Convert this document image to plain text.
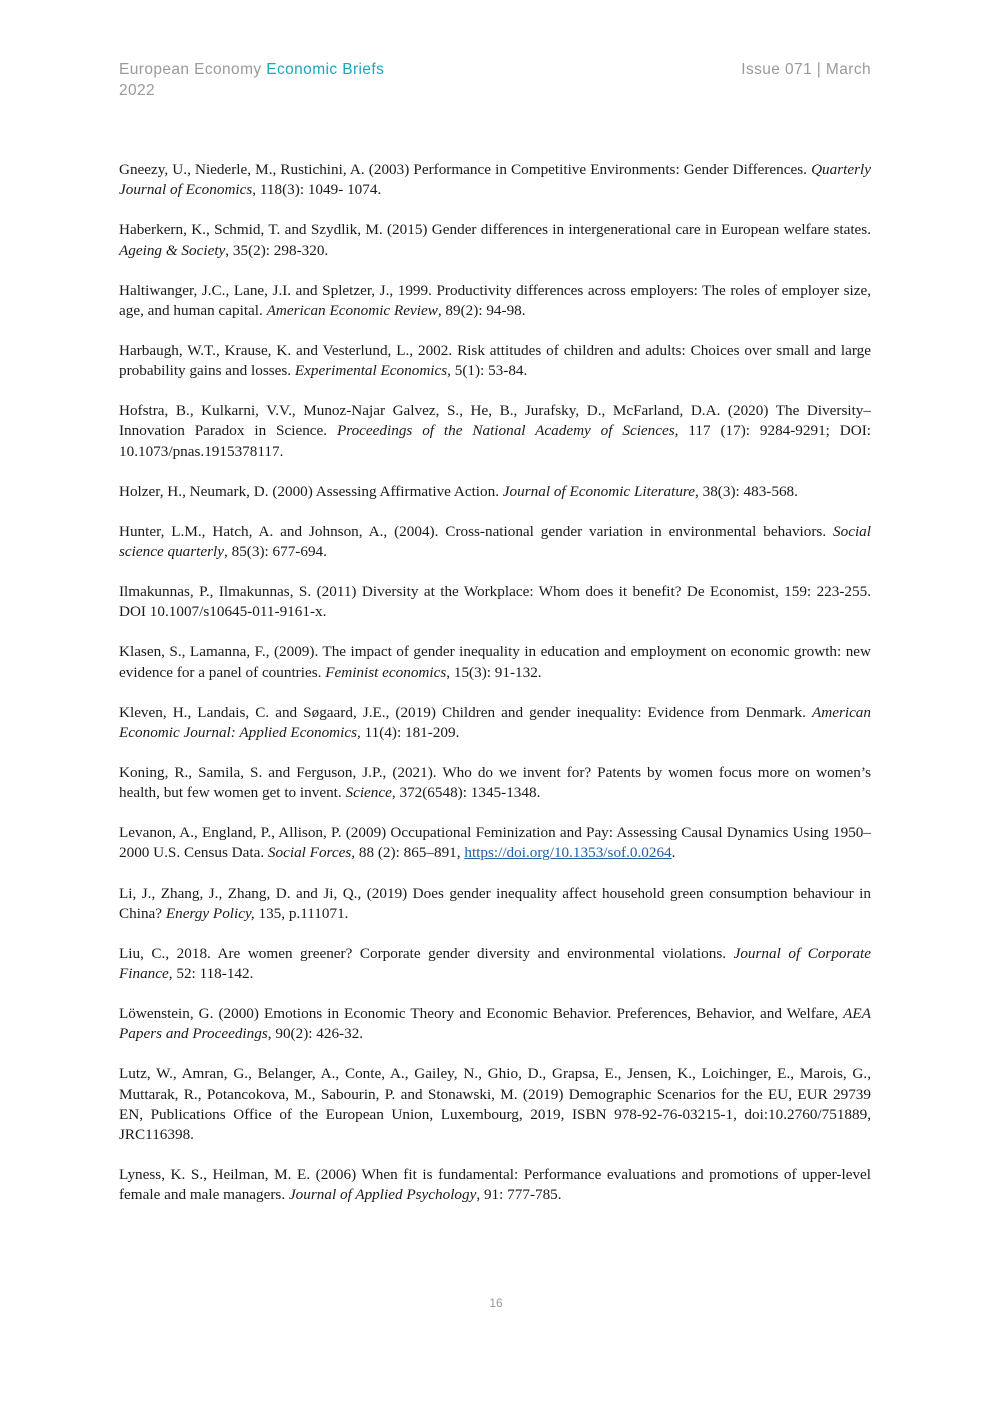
European Economy Economic Briefs	Issue 071 | March
2022

Gneezy, U., Niederle, M., Rustichini, A. (2003) Performance in Competitive Environments: Gender Differences. Quarterly Journal of Economics, 118(3): 1049- 1074.

Haberkern, K., Schmid, T. and Szydlik, M. (2015) Gender differences in intergenerational care in European welfare states. Ageing & Society, 35(2): 298-320.

Haltiwanger, J.C., Lane, J.I. and Spletzer, J., 1999. Productivity differences across employers: The roles of employer size, age, and human capital. American Economic Review, 89(2): 94-98.

Harbaugh, W.T., Krause, K. and Vesterlund, L., 2002. Risk attitudes of children and adults: Choices over small and large probability gains and losses. Experimental Economics, 5(1): 53-84.

Hofstra, B., Kulkarni, V.V., Munoz-Najar Galvez, S., He, B., Jurafsky, D., McFarland, D.A. (2020) The Diversity–Innovation Paradox in Science. Proceedings of the National Academy of Sciences, 117 (17): 9284-9291; DOI: 10.1073/pnas.1915378117.

Holzer, H., Neumark, D. (2000) Assessing Affirmative Action. Journal of Economic Literature, 38(3): 483-568.

Hunter, L.M., Hatch, A. and Johnson, A., (2004). Cross‐national gender variation in environmental behaviors. Social science quarterly, 85(3): 677-694.

Ilmakunnas, P., Ilmakunnas, S. (2011) Diversity at the Workplace: Whom does it benefit? De Economist, 159: 223-255. DOI 10.1007/s10645-011-9161-x.

Klasen, S., Lamanna, F., (2009). The impact of gender inequality in education and employment on economic growth: new evidence for a panel of countries. Feminist economics, 15(3): 91-132.

Kleven, H., Landais, C. and Søgaard, J.E., (2019) Children and gender inequality: Evidence from Denmark. American Economic Journal: Applied Economics, 11(4): 181-209.

Koning, R., Samila, S. and Ferguson, J.P., (2021). Who do we invent for? Patents by women focus more on women’s health, but few women get to invent. Science, 372(6548): 1345-1348.

Levanon, A., England, P., Allison, P. (2009) Occupational Feminization and Pay: Assessing Causal Dynamics Using 1950–2000 U.S. Census Data. Social Forces, 88 (2): 865–891, https://doi.org/10.1353/sof.0.0264.

Li, J., Zhang, J., Zhang, D. and Ji, Q., (2019) Does gender inequality affect household green consumption behaviour in China? Energy Policy, 135, p.111071.

Liu, C., 2018. Are women greener? Corporate gender diversity and environmental violations. Journal of Corporate Finance, 52: 118-142.

Löwenstein, G. (2000) Emotions in Economic Theory and Economic Behavior. Preferences, Behavior, and Welfare, AEA Papers and Proceedings, 90(2): 426-32.

Lutz, W., Amran, G., Belanger, A., Conte, A., Gailey, N., Ghio, D., Grapsa, E., Jensen, K., Loichinger, E., Marois, G., Muttarak, R., Potancokova, M., Sabourin, P. and Stonawski, M. (2019) Demographic Scenarios for the EU, EUR 29739 EN, Publications Office of the European Union, Luxembourg, 2019, ISBN 978-92-76-03215-1, doi:10.2760/751889, JRC116398.

Lyness, K. S., Heilman, M. E. (2006) When fit is fundamental: Performance evaluations and promotions of upper-level female and male managers. Journal of Applied Psychology, 91: 777-785.

16
